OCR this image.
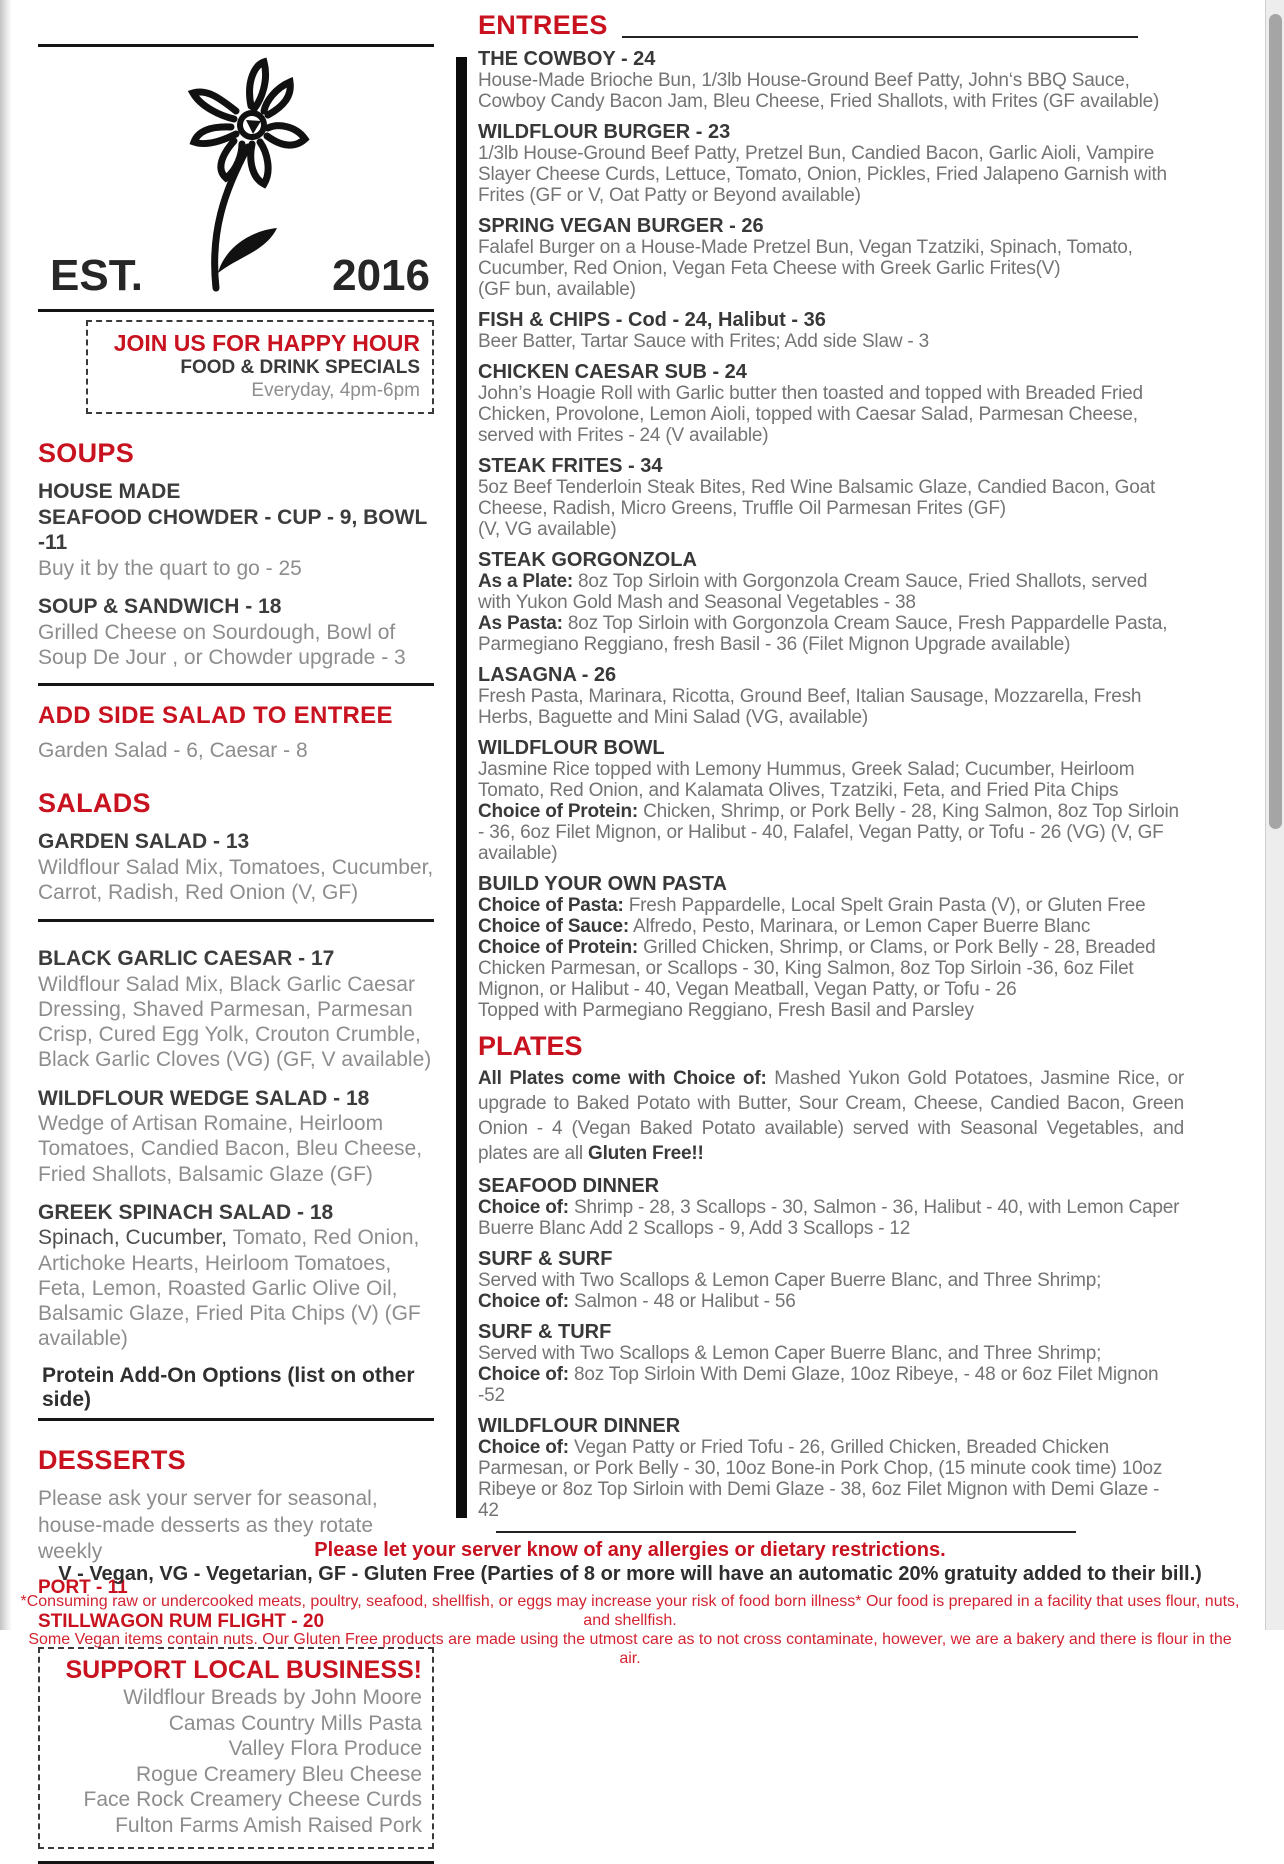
EST.	2016
JOIN US FOR HAPPY HOUR
FOOD & DRINK SPECIALS
Everyday, 4pm-6pm
SOUPS
HOUSE MADE
SEAFOOD CHOWDER - CUP - 9, BOWL -11
Buy it by the quart to go - 25
SOUP & SANDWICH - 18
Grilled Cheese on Sourdough, Bowl of Soup De Jour , or Chowder upgrade - 3
ADD SIDE SALAD TO ENTREE
Garden Salad - 6, Caesar - 8
SALADS
GARDEN SALAD - 13
Wildflour Salad Mix, Tomatoes, Cucumber, Carrot, Radish, Red Onion (V, GF)
BLACK GARLIC CAESAR - 17
Wildflour Salad Mix, Black Garlic Caesar Dressing, Shaved Parmesan, Parmesan Crisp, Cured Egg Yolk, Crouton Crumble, Black Garlic Cloves (VG) (GF, V available)
WILDFLOUR WEDGE SALAD - 18
Wedge of Artisan Romaine, Heirloom Tomatoes, Candied Bacon, Bleu Cheese, Fried Shallots, Balsamic Glaze (GF)
GREEK SPINACH SALAD - 18
Spinach, Cucumber, Tomato, Red Onion, Artichoke Hearts, Heirloom Tomatoes, Feta, Lemon, Roasted Garlic Olive Oil, Balsamic Glaze, Fried Pita Chips (V) (GF available)
Protein Add-On Options (list on other side)
DESSERTS
Please ask your server for seasonal, house-made desserts as they rotate weekly
PORT - 11
STILLWAGON RUM FLIGHT - 20
SUPPORT LOCAL BUSINESS!
Wildflour Breads by John Moore
Camas Country Mills Pasta
Valley Flora Produce
Rogue Creamery Bleu Cheese
Face Rock Creamery Cheese Curds
Fulton Farms Amish Raised Pork
ENTREES
THE COWBOY - 24
House-Made Brioche Bun, 1/3lb House-Ground Beef Patty, John‘s BBQ Sauce, Cowboy Candy Bacon Jam, Bleu Cheese, Fried Shallots, with Frites (GF available)
WILDFLOUR BURGER - 23
1/3lb House-Ground Beef Patty, Pretzel Bun, Candied Bacon, Garlic Aioli, Vampire Slayer Cheese Curds, Lettuce, Tomato, Onion, Pickles, Fried Jalapeno Garnish with Frites (GF or V, Oat Patty or Beyond available)
SPRING VEGAN BURGER - 26
Falafel Burger on a House-Made Pretzel Bun, Vegan Tzatziki, Spinach, Tomato, Cucumber, Red Onion, Vegan Feta Cheese with Greek Garlic Frites(V)
(GF bun, available)
FISH & CHIPS - Cod - 24, Halibut - 36
Beer Batter, Tartar Sauce with Frites; Add side Slaw - 3
CHICKEN CAESAR SUB - 24
John’s Hoagie Roll with Garlic butter then toasted and topped with Breaded Fried Chicken, Provolone, Lemon Aioli, topped with Caesar Salad, Parmesan Cheese, served with Frites - 24 (V available)
STEAK FRITES - 34
5oz Beef Tenderloin Steak Bites, Red Wine Balsamic Glaze, Candied Bacon, Goat Cheese, Radish, Micro Greens, Truffle Oil Parmesan Frites (GF)
(V, VG available)
STEAK GORGONZOLA
As a Plate: 8oz Top Sirloin with Gorgonzola Cream Sauce, Fried Shallots, served with Yukon Gold Mash and Seasonal Vegetables - 38
As Pasta: 8oz Top Sirloin with Gorgonzola Cream Sauce, Fresh Pappardelle Pasta, Parmegiano Reggiano, fresh Basil - 36 (Filet Mignon Upgrade available)
LASAGNA - 26
Fresh Pasta, Marinara, Ricotta, Ground Beef, Italian Sausage, Mozzarella, Fresh Herbs, Baguette and Mini Salad (VG, available)
WILDFLOUR BOWL
Jasmine Rice topped with Lemony Hummus, Greek Salad; Cucumber, Heirloom Tomato, Red Onion, and Kalamata Olives, Tzatziki, Feta, and Fried Pita Chips
Choice of Protein: Chicken, Shrimp, or Pork Belly - 28, King Salmon, 8oz Top Sirloin - 36, 6oz Filet Mignon, or Halibut - 40, Falafel, Vegan Patty, or Tofu - 26 (VG) (V, GF available)
BUILD YOUR OWN PASTA
Choice of Pasta: Fresh Pappardelle, Local Spelt Grain Pasta (V), or Gluten Free
Choice of Sauce: Alfredo, Pesto, Marinara, or Lemon Caper Buerre Blanc
Choice of Protein: Grilled Chicken, Shrimp, or Clams, or Pork Belly - 28, Breaded Chicken Parmesan, or Scallops - 30, King Salmon, 8oz Top Sirloin -36, 6oz Filet Mignon, or Halibut - 40, Vegan Meatball, Vegan Patty, or Tofu - 26
Topped with Parmegiano Reggiano, Fresh Basil and Parsley
PLATES
All Plates come with Choice of: Mashed Yukon Gold Potatoes, Jasmine Rice, or upgrade to Baked Potato with Butter, Sour Cream, Cheese, Candied Bacon, Green Onion - 4 (Vegan Baked Potato available) served with Seasonal Vegetables, and plates are all Gluten Free!!
SEAFOOD DINNER
Choice of: Shrimp - 28, 3 Scallops - 30, Salmon - 36, Halibut - 40, with Lemon Caper Buerre Blanc Add 2 Scallops - 9, Add 3 Scallops - 12
SURF & SURF
Served with Two Scallops & Lemon Caper Buerre Blanc, and Three Shrimp;
Choice of: Salmon - 48 or Halibut - 56
SURF & TURF
Served with Two Scallops & Lemon Caper Buerre Blanc, and Three Shrimp;
Choice of: 8oz Top Sirloin With Demi Glaze, 10oz Ribeye, - 48 or 6oz Filet Mignon -52
WILDFLOUR DINNER
Choice of: Vegan Patty or Fried Tofu - 26, Grilled Chicken, Breaded Chicken Parmesan, or Pork Belly - 30, 10oz Bone-in Pork Chop, (15 minute cook time) 10oz Ribeye or 8oz Top Sirloin with Demi Glaze - 38, 6oz Filet Mignon with Demi Glaze - 42
Please let your server know of any allergies or dietary restrictions.
V - Vegan, VG - Vegetarian, GF - Gluten Free (Parties of 8 or more will have an automatic 20% gratuity added to their bill.)
*Consuming raw or undercooked meats, poultry, seafood, shellfish, or eggs may increase your risk of food born illness* Our food is prepared in a facility that uses flour, nuts, and shellfish.
Some Vegan items contain nuts. Our Gluten Free products are made using the utmost care as to not cross contaminate, however, we are a bakery and there is flour in the air.
